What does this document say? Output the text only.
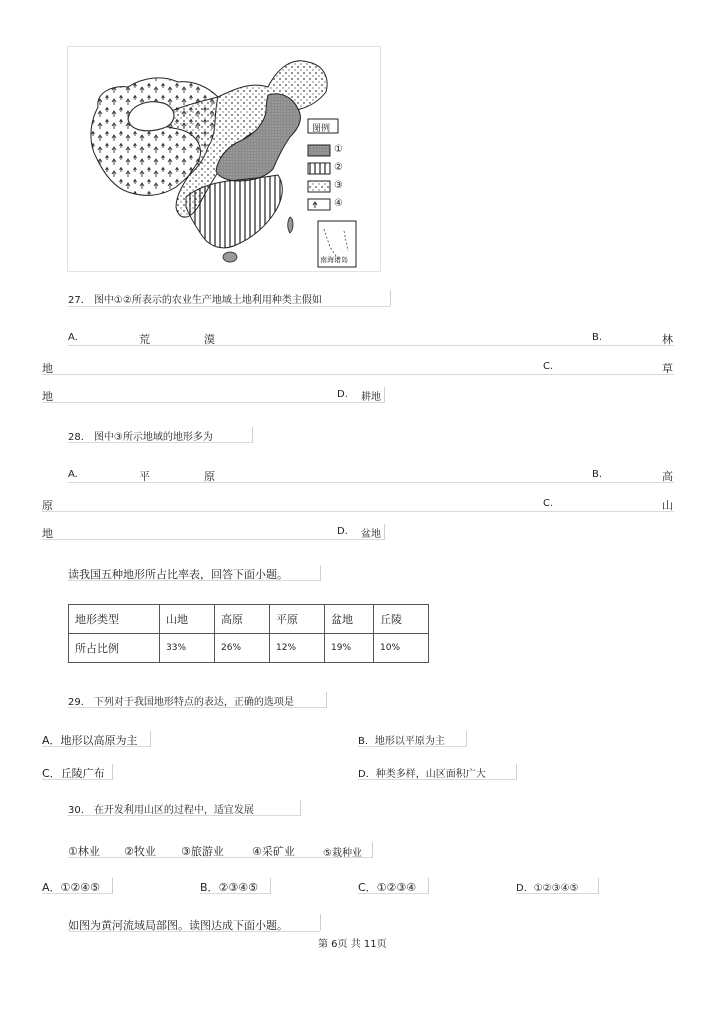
图例
①
②
③
④
南海诸岛
27． 图中①②所表示的农业生产地域土地利用种类主假如
A.	荒	漠	B.	林
地	C.	草
地	D. 耕地
28． 图中③所示地域的地形多为
A.	平	原	B.	高
原	C.	山
地	D. 盆地
读我国五种地形所占比率表，回答下面小题。
地形类型	山地	高原	平原	盆地	丘陵
所占比例	33%	26%	12%	19%	10%
29． 下列对于我国地形特点的表达，正确的选项是
A．地形以高原为主	B．地形以平原为主
C．丘陵广布	D．种类多样，山区面积广大
30． 在开发利用山区的过程中，适宜发展
①林业 ②牧业 ③旅游业	④采矿业	⑤栽种业
A．①②④⑤	B．②③④⑤	C．①②③④	D．①②③④⑤
如图为黄河流域局部图。读图达成下面小题。
第 6页 共 11页
